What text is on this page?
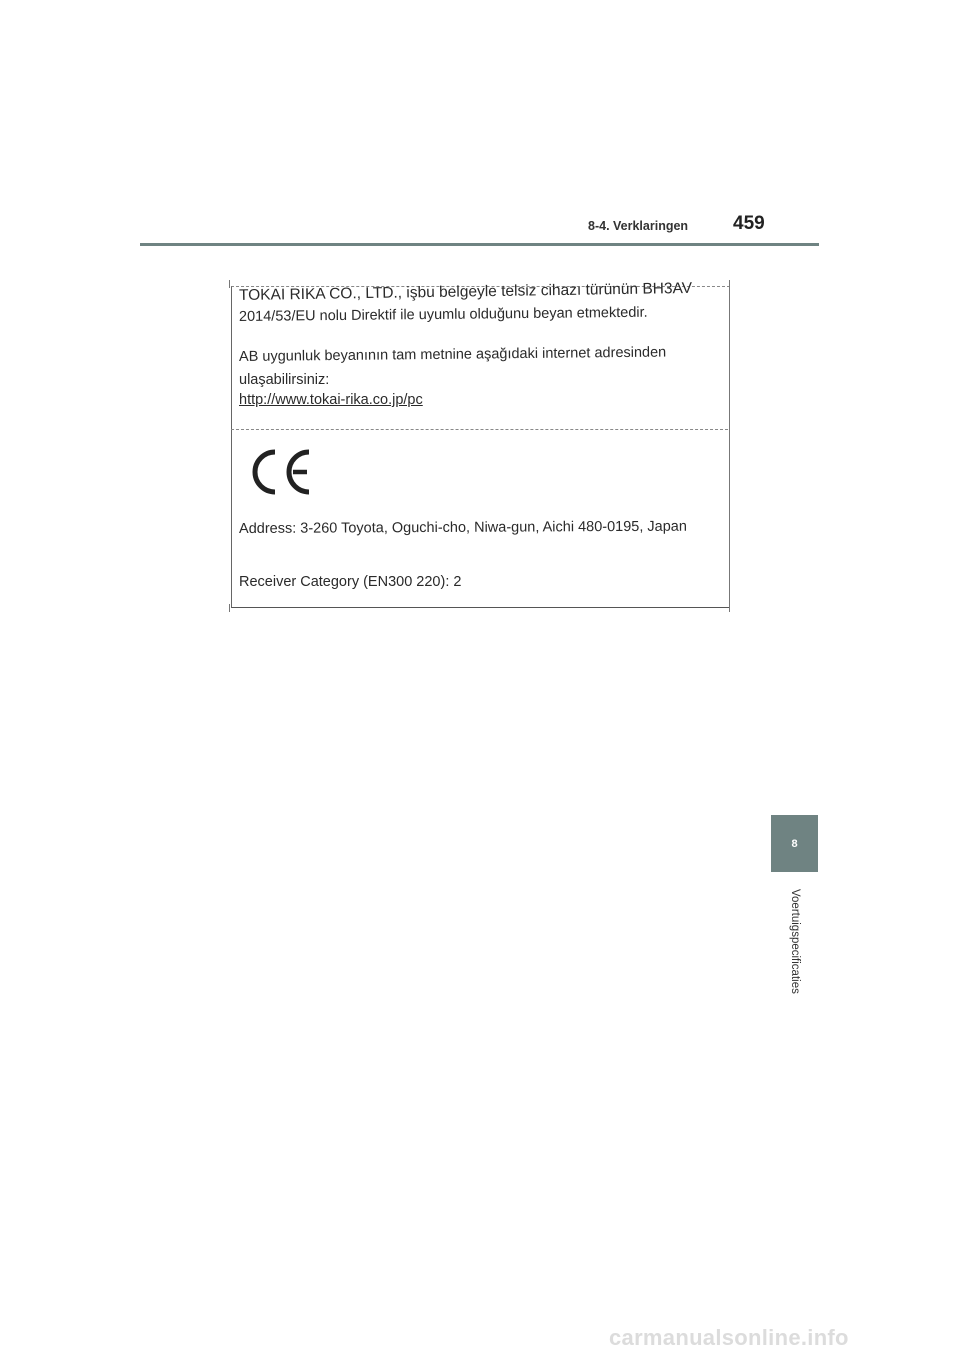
8-4. Verklaringen 459
TOKAI RIKA CO., LTD., işbu belgeyle telsiz cihazı türünün BH3AV
2014/53/EU nolu Direktif ile uyumlu olduğunu beyan etmektedir.
AB uygunluk beyanının tam metnine aşağıdaki internet adresinden
ulaşabilirsiniz:
http://www.tokai-rika.co.jp/pc
Address: 3-260 Toyota, Oguchi-cho, Niwa-gun, Aichi 480-0195, Japan
Receiver Category (EN300 220): 2
8
Voertuigspecificaties
carmanualsonline.info
